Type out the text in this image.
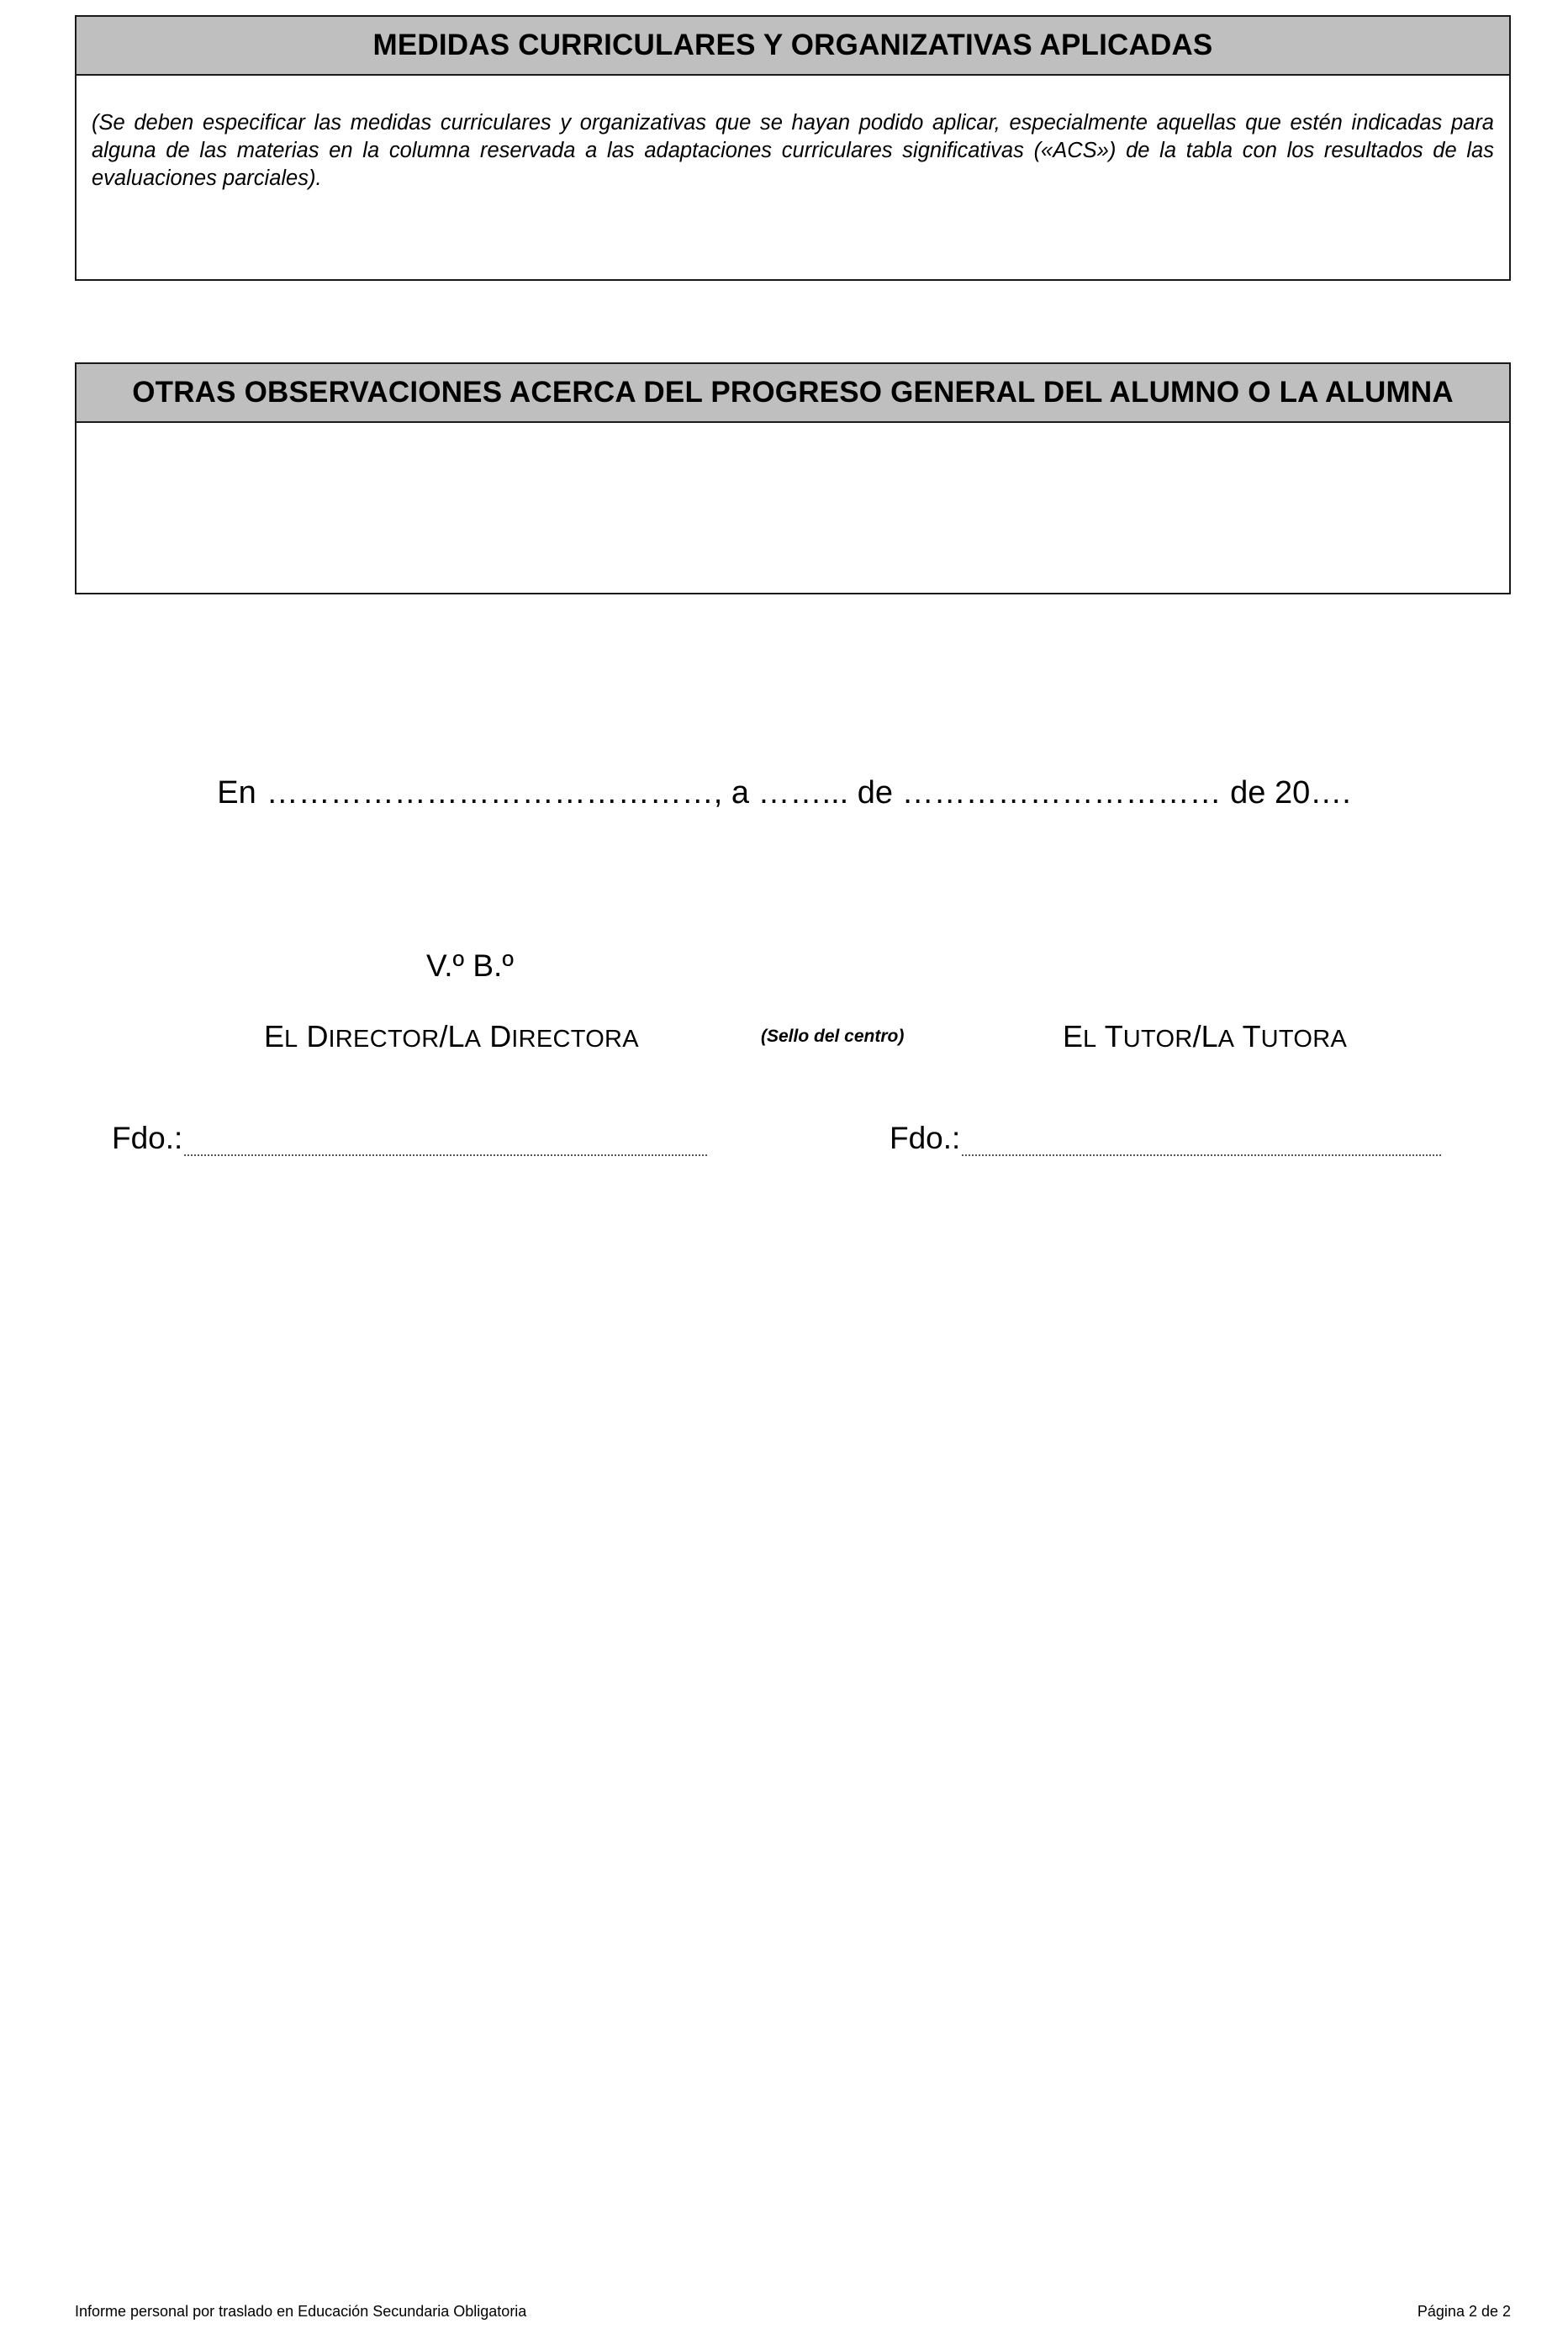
MEDIDAS CURRICULARES Y ORGANIZATIVAS APLICADAS
(Se deben especificar las medidas curriculares y organizativas que se hayan podido aplicar, especialmente aquellas que estén indicadas para alguna de las materias en la columna reservada a las adaptaciones curriculares significativas («ACS») de la tabla con los resultados de las evaluaciones parciales).
OTRAS OBSERVACIONES ACERCA DEL PROGRESO GENERAL DEL ALUMNO O LA ALUMNA
En ……………………………………, a ……... de ………………………… de 20….
V.º B.º
EL DIRECTOR/LA DIRECTORA	(Sello del centro)	EL TUTOR/LA TUTORA
Fdo.:	Fdo.:
Informe personal por traslado en Educación Secundaria Obligatoria	Página 2 de 2
